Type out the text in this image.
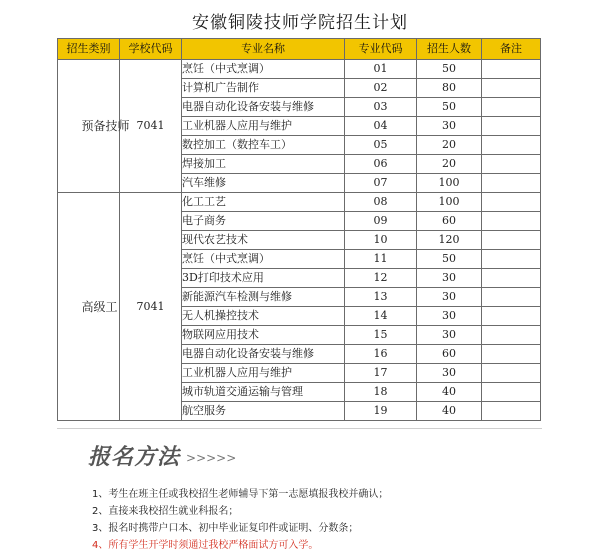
安徽铜陵技师学院招生计划
招生类别	学校代码	专业名称	专业代码	招生人数	备注

预备技师	7041	烹饪（中式烹调）	01	50	
		计算机广告制作	02	80	
		电器自动化设备安装与维修	03	50	
		工业机器人应用与维护	04	30	
		数控加工（数控车工）	05	20	
		焊接加工	06	20	
		汽车维修	07	100	

高级工	7041	化工工艺	08	100	
		电子商务	09	60	
		现代农艺技术	10	120	
		烹饪（中式烹调）	11	50	
		3D打印技术应用	12	30	
		新能源汽车检测与维修	13	30	
		无人机操控技术	14	30	
		物联网应用技术	15	30	
		电器自动化设备安装与维修	16	60	
		工业机器人应用与维护	17	30	
		城市轨道交通运输与管理	18	40	
		航空服务	19	40	
报名方法 >>>>>
1、考生在班主任或我校招生老师辅导下第一志愿填报我校并确认；
2、直接来我校招生就业科报名；
3、报名时携带户口本、初中毕业证复印件或证明、分数条；
4、所有学生开学时须通过我校严格面试方可入学。
